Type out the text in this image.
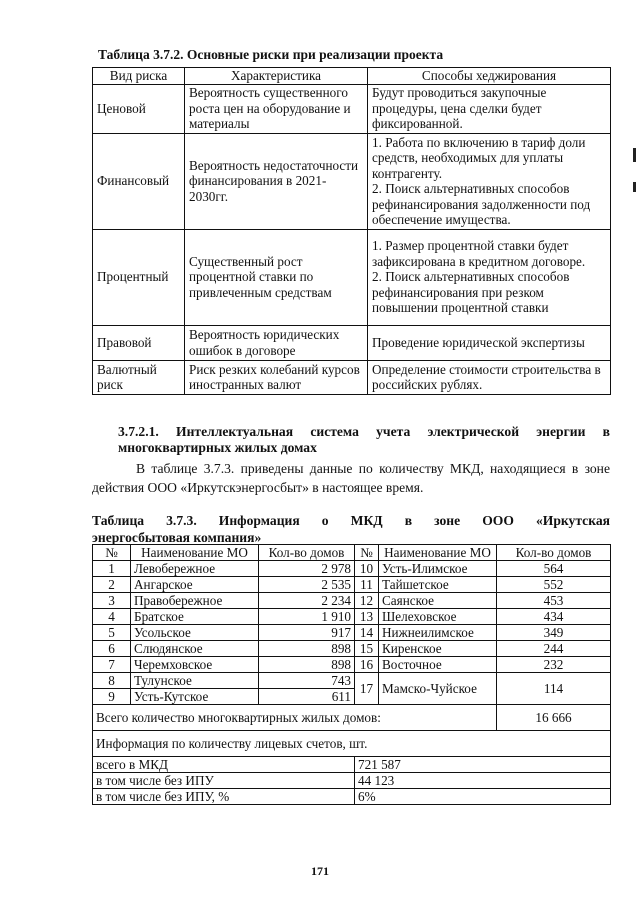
Таблица 3.7.2. Основные риски при реализации проекта
Вид риска	Характеристика	Способы хеджирования
Ценовой	Вероятность существенного роста цен на оборудование и материалы	Будут проводиться закупочные процедуры, цена сделки будет фиксированной.
Финансовый	Вероятность недостаточности финансирования в 2021-2030гг.	1. Работа по включению в тариф доли средств, необходимых для уплаты контрагенту.
2. Поиск альтернативных способов рефинансирования задолженности под обеспечение имущества.
Процентный	Существенный рост процентной ставки по привлеченным средствам	1. Размер процентной ставки будет зафиксирована в кредитном договоре.
2. Поиск альтернативных способов рефинансирования при резком повышении процентной ставки
Правовой	Вероятность юридических ошибок в договоре	Проведение юридической экспертизы
Валютный риск	Риск резких колебаний курсов иностранных валют	Определение стоимости строительства в российских рублях.
3.7.2.1. Интеллектуальная система учета электрической энергии в многоквартирных жилых домах
В таблице 3.7.3. приведены данные по количеству МКД, находящиеся в зоне действия ООО «Иркутскэнергосбыт» в настоящее время.
Таблица 3.7.3. Информация о МКД в зоне ООО «Иркутская
энергосбытовая компания»
№	Наименование МО	Кол-во домов	№	Наименование МО	Кол-во домов
1	Левобережное	2 978	10	Усть-Илимское	564
2	Ангарское	2 535	11	Тайшетское	552
3	Правобережное	2 234	12	Саянское	453
4	Братское	1 910	13	Шелеховское	434
5	Усольское	917	14	Нижнеилимское	349
6	Слюдянское	898	15	Киренское	244
7	Черемховское	898	16	Восточное	232
8	Тулунское	743	17	Мамско-Чуйское	114
9	Усть-Кутское	611			
Всего количество многоквартирных жилых домов:					16 666
Информация по количеству лицевых счетов, шт.					
всего в МКД			721 587		
в том числе без ИПУ			44 123		
в том числе без ИПУ, %			6%		
171
